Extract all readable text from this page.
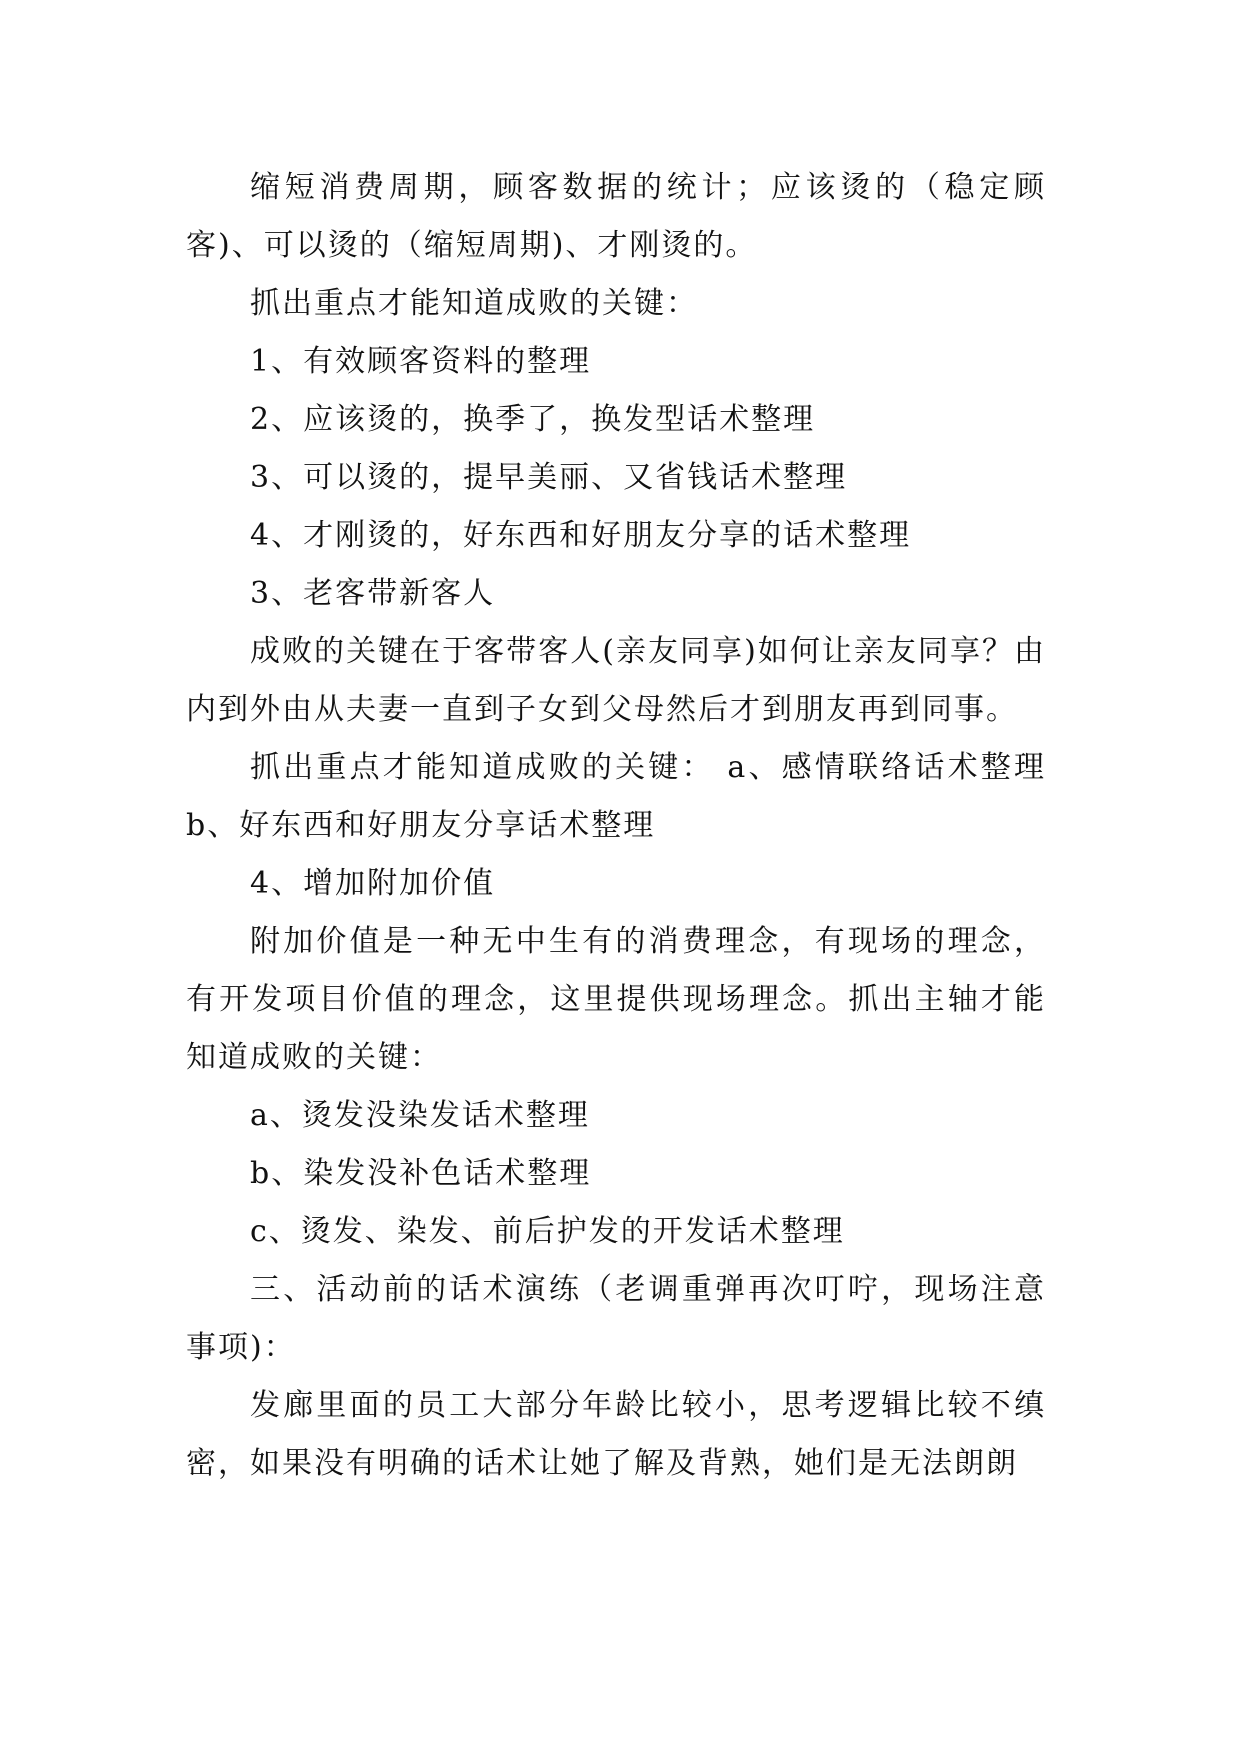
缩短消费周期，顾客数据的统计；应该烫的（稳定顾客)、可以烫的（缩短周期)、才刚烫的。

抓出重点才能知道成败的关键：

1、有效顾客资料的整理

2、应该烫的，换季了，换发型话术整理

3、可以烫的，提早美丽、又省钱话术整理

4、才刚烫的，好东西和好朋友分享的话术整理

3、老客带新客人

成败的关键在于客带客人(亲友同享)如何让亲友同享？由内到外由从夫妻一直到子女到父母然后才到朋友再到同事。

抓出重点才能知道成败的关键： a、感情联络话术整理b、好东西和好朋友分享话术整理

4、增加附加价值

附加价值是一种无中生有的消费理念，有现场的理念，有开发项目价值的理念，这里提供现场理念。抓出主轴才能知道成败的关键：

a、烫发没染发话术整理

b、染发没补色话术整理

c、烫发、染发、前后护发的开发话术整理

三、活动前的话术演练（老调重弹再次叮咛，现场注意事项)：

发廊里面的员工大部分年龄比较小，思考逻辑比较不缜密，如果没有明确的话术让她了解及背熟，她们是无法朗朗
